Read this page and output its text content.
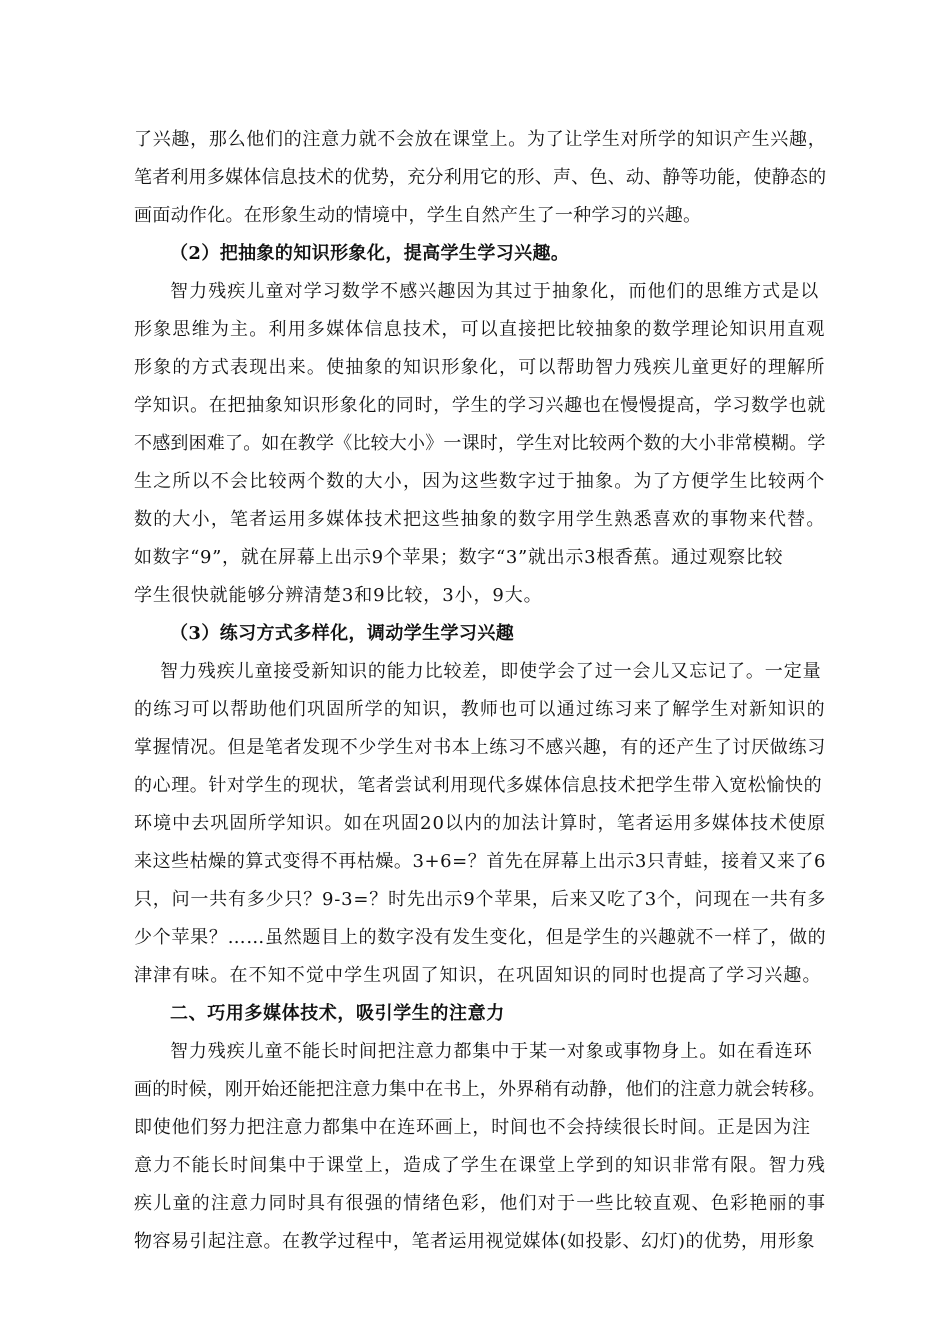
了兴趣，那么他们的注意力就不会放在课堂上。为了让学生对所学的知识产生兴趣，
笔者利用多媒体信息技术的优势，充分利用它的形、声、色、动、静等功能，使静态的
画面动作化。在形象生动的情境中，学生自然产生了一种学习的兴趣。
（2）把抽象的知识形象化，提高学生学习兴趣。
智力残疾儿童对学习数学不感兴趣因为其过于抽象化，而他们的思维方式是以
形象思维为主。利用多媒体信息技术，可以直接把比较抽象的数学理论知识用直观
形象的方式表现出来。使抽象的知识形象化，可以帮助智力残疾儿童更好的理解所
学知识。在把抽象知识形象化的同时，学生的学习兴趣也在慢慢提高，学习数学也就
不感到困难了。如在教学《比较大小》一课时，学生对比较两个数的大小非常模糊。学
生之所以不会比较两个数的大小，因为这些数字过于抽象。为了方便学生比较两个
数的大小，笔者运用多媒体技术把这些抽象的数字用学生熟悉喜欢的事物来代替。
如数字“9”，就在屏幕上出示9个苹果；数字“3”就出示3根香蕉。通过观察比较
学生很快就能够分辨清楚3和9比较，3小，9大。
（3）练习方式多样化，调动学生学习兴趣
智力残疾儿童接受新知识的能力比较差，即使学会了过一会儿又忘记了。一定量
的练习可以帮助他们巩固所学的知识，教师也可以通过练习来了解学生对新知识的
掌握情况。但是笔者发现不少学生对书本上练习不感兴趣，有的还产生了讨厌做练习
的心理。针对学生的现状，笔者尝试利用现代多媒体信息技术把学生带入宽松愉快的
环境中去巩固所学知识。如在巩固20以内的加法计算时，笔者运用多媒体技术使原
来这些枯燥的算式变得不再枯燥。3+6=？首先在屏幕上出示3只青蛙，接着又来了6
只，问一共有多少只？9-3=？时先出示9个苹果，后来又吃了3个，问现在一共有多
少个苹果？……虽然题目上的数字没有发生变化，但是学生的兴趣就不一样了，做的
津津有味。在不知不觉中学生巩固了知识，在巩固知识的同时也提高了学习兴趣。
二、巧用多媒体技术，吸引学生的注意力
智力残疾儿童不能长时间把注意力都集中于某一对象或事物身上。如在看连环
画的时候，刚开始还能把注意力集中在书上，外界稍有动静，他们的注意力就会转移。
即使他们努力把注意力都集中在连环画上，时间也不会持续很长时间。正是因为注
意力不能长时间集中于课堂上，造成了学生在课堂上学到的知识非常有限。智力残
疾儿童的注意力同时具有很强的情绪色彩，他们对于一些比较直观、色彩艳丽的事
物容易引起注意。在教学过程中，笔者运用视觉媒体(如投影、幻灯)的优势，用形象
